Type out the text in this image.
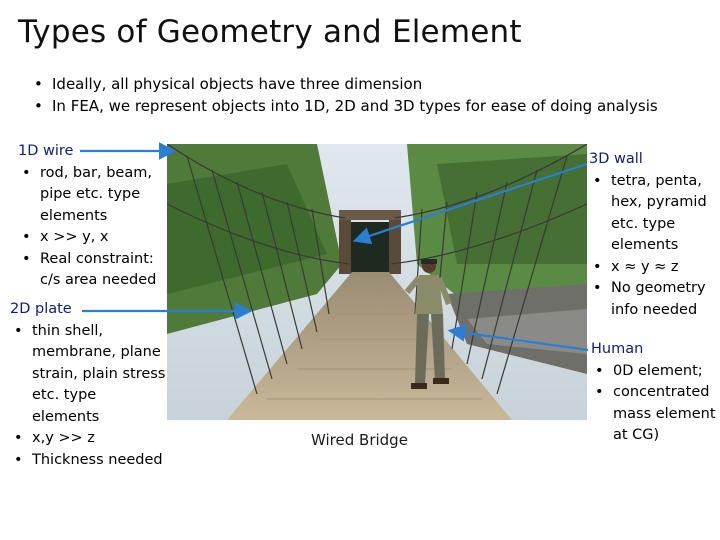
Types of Geometry and Element
• Ideally, all physical objects have three dimension
• In FEA, we represent objects into 1D, 2D and 3D types for ease of doing analysis
1D wire
• rod, bar, beam, pipe etc. type elements
• x >> y, x
• Real constraint: c/s area needed
2D plate
• thin shell, membrane, plane strain, plain stress etc. type elements
• x,y >> z
• Thickness needed
3D wall
• tetra, penta, hex, pyramid etc. type elements
• x ≈ y ≈ z
• No geometry info needed
Human
• 0D element;
• concentrated mass element at CG)
Wired Bridge
